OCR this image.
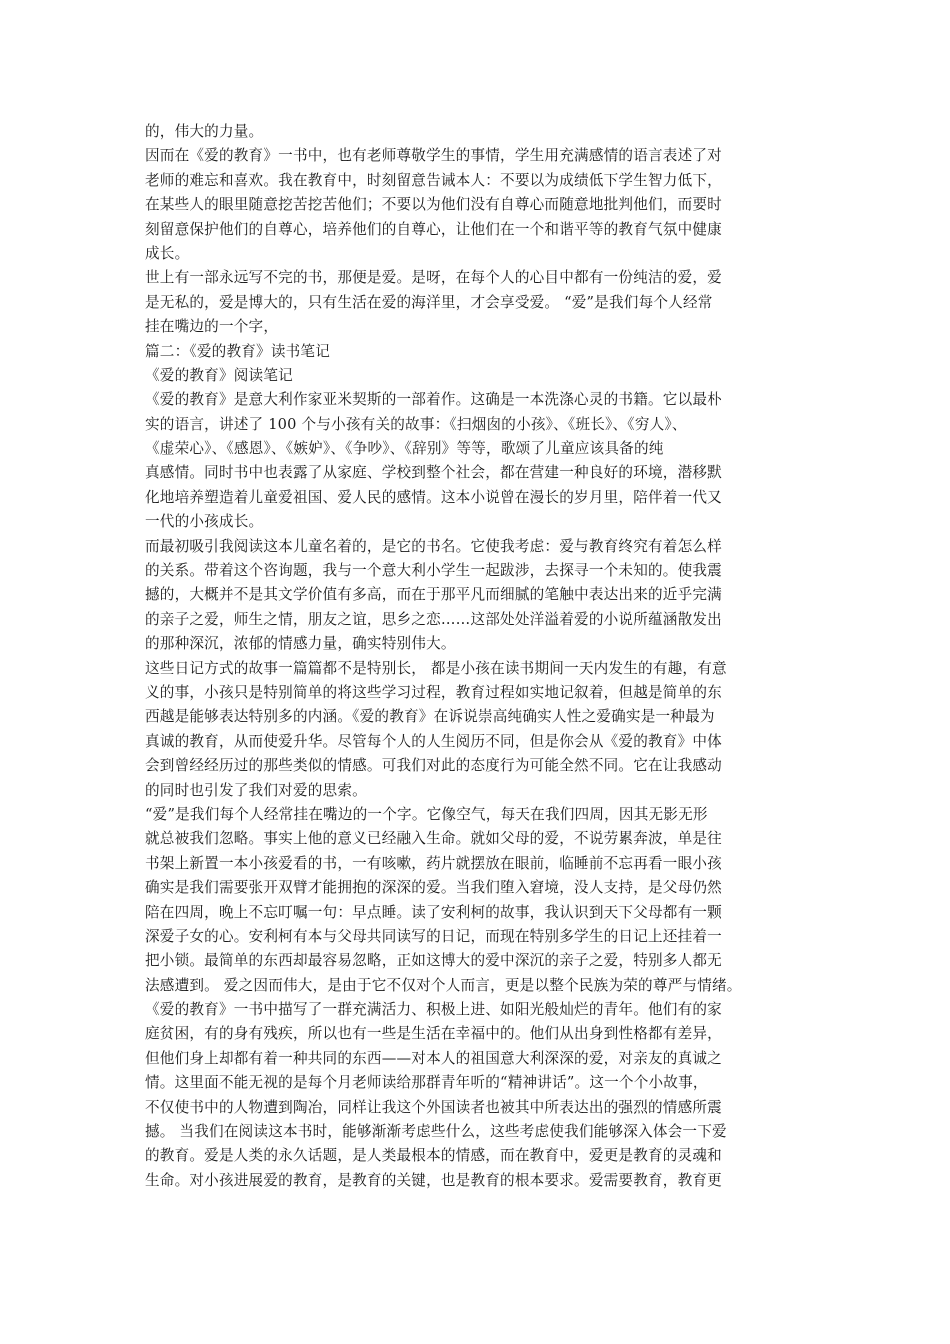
的，伟大的力量。
因而在《爱的教育》一书中，也有老师尊敬学生的事情，学生用充满感情的语言表述了对
老师的难忘和喜欢。我在教育中，时刻留意告诫本人：不要以为成绩低下学生智力低下，
在某些人的眼里随意挖苦挖苦他们；不要以为他们没有自尊心而随意地批判他们，而要时
刻留意保护他们的自尊心，培养他们的自尊心，让他们在一个和谐平等的教育气氛中健康
成长。
世上有一部永远写不完的书，那便是爱。是呀，在每个人的心目中都有一份纯洁的爱，爱
是无私的，爱是博大的，只有生活在爱的海洋里，才会享受爱。 “爱”是我们每个人经常
挂在嘴边的一个字，
篇二：《爱的教育》读书笔记
《爱的教育》阅读笔记
《爱的教育》是意大利作家亚米契斯的一部着作。这确是一本洗涤心灵的书籍。它以最朴
实的语言，讲述了 100 个与小孩有关的故事：《扫烟囱的小孩》、《班长》、《穷人》、
《虚荣心》、《感恩》、《嫉妒》、《争吵》、《辞别》等等，歌颂了儿童应该具备的纯
真感情。同时书中也表露了从家庭、学校到整个社会，都在营建一种良好的环境，潜移默
化地培养塑造着儿童爱祖国、爱人民的感情。这本小说曾在漫长的岁月里，陪伴着一代又
一代的小孩成长。
而最初吸引我阅读这本儿童名着的，是它的书名。它使我考虑：爱与教育终究有着怎么样
的关系。带着这个咨询题，我与一个意大利小学生一起跋涉，去探寻一个未知的。使我震
撼的，大概并不是其文学价值有多高，而在于那平凡而细腻的笔触中表达出来的近乎完满
的亲子之爱，师生之情，朋友之谊，思乡之恋……这部处处洋溢着爱的小说所蕴涵散发出
的那种深沉，浓郁的情感力量，确实特别伟大。
这些日记方式的故事一篇篇都不是特别长， 都是小孩在读书期间一天内发生的有趣，有意
义的事，小孩只是特别简单的将这些学习过程，教育过程如实地记叙着，但越是简单的东
西越是能够表达特别多的内涵。《爱的教育》在诉说崇高纯确实人性之爱确实是一种最为
真诚的教育，从而使爱升华。尽管每个人的人生阅历不同，但是你会从《爱的教育》中体
会到曾经经历过的那些类似的情感。可我们对此的态度行为可能全然不同。它在让我感动
的同时也引发了我们对爱的思索。
“爱”是我们每个人经常挂在嘴边的一个字。它像空气，每天在我们四周，因其无影无形
就总被我们忽略。事实上他的意义已经融入生命。就如父母的爱，不说劳累奔波，单是往
书架上新置一本小孩爱看的书，一有咳嗽，药片就摆放在眼前，临睡前不忘再看一眼小孩
确实是我们需要张开双臂才能拥抱的深深的爱。当我们堕入窘境，没人支持，是父母仍然
陪在四周，晚上不忘叮嘱一句：早点睡。读了安利柯的故事，我认识到天下父母都有一颗
深爱子女的心。安利柯有本与父母共同读写的日记，而现在特别多学生的日记上还挂着一
把小锁。最简单的东西却最容易忽略，正如这博大的爱中深沉的亲子之爱，特别多人都无
法感遭到。 爱之因而伟大，是由于它不仅对个人而言，更是以整个民族为荣的尊严与情绪。
《爱的教育》一书中描写了一群充满活力、积极上进、如阳光般灿烂的青年。他们有的家
庭贫困，有的身有残疾，所以也有一些是生活在幸福中的。他们从出身到性格都有差异，
但他们身上却都有着一种共同的东西——对本人的祖国意大利深深的爱，对亲友的真诚之
情。这里面不能无视的是每个月老师读给那群青年听的“精神讲话”。这一个个小故事，
不仅使书中的人物遭到陶冶，同样让我这个外国读者也被其中所表达出的强烈的情感所震
撼。 当我们在阅读这本书时，能够渐渐考虑些什么，这些考虑使我们能够深入体会一下爱
的教育。爱是人类的永久话题，是人类最根本的情感，而在教育中，爱更是教育的灵魂和
生命。对小孩进展爱的教育，是教育的关键，也是教育的根本要求。爱需要教育，教育更
